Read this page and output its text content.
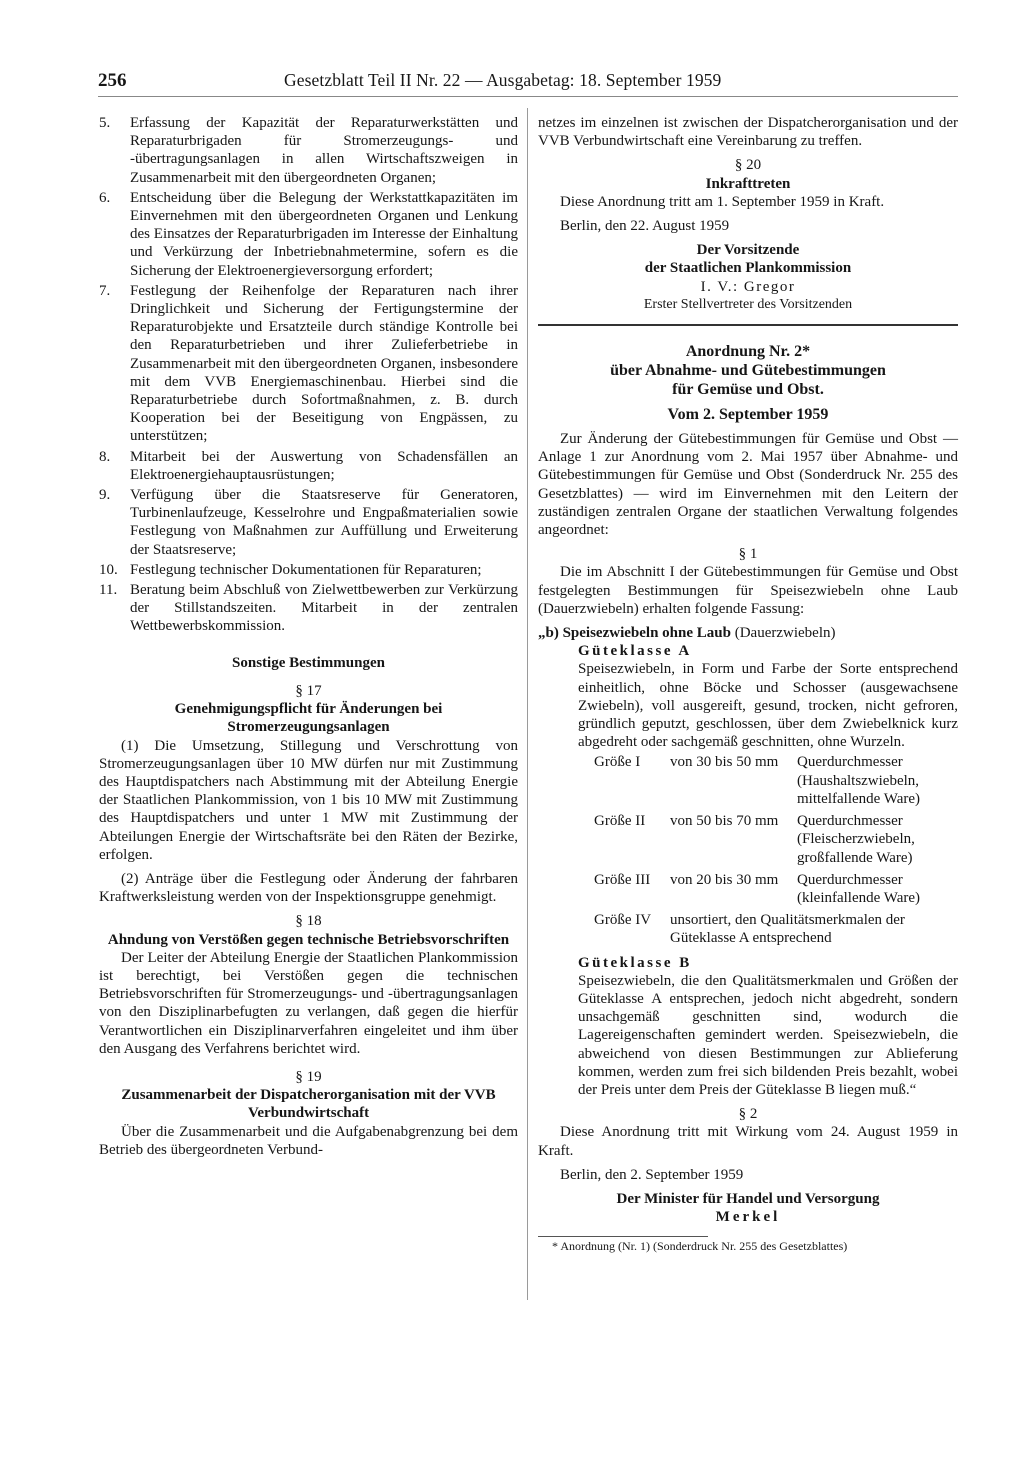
256	Gesetzblatt Teil II Nr. 22 — Ausgabetag: 18. September 1959
5.	Erfassung der Kapazität der Reparaturwerkstätten und Reparaturbrigaden für Stromerzeugungs- und -übertragungsanlagen in allen Wirtschaftszweigen in Zusammenarbeit mit den übergeordneten Organen;
6.	Entscheidung über die Belegung der Werkstattkapazitäten im Einvernehmen mit den übergeordneten Organen und Lenkung des Einsatzes der Reparaturbrigaden im Interesse der Einhaltung und Verkürzung der Inbetriebnahmetermine, sofern es die Sicherung der Elektroenergieversorgung erfordert;
7.	Festlegung der Reihenfolge der Reparaturen nach ihrer Dringlichkeit und Sicherung der Fertigungstermine der Reparaturobjekte und Ersatzteile durch ständige Kontrolle bei den Reparaturbetrieben und ihrer Zulieferbetriebe in Zusammenarbeit mit den übergeordneten Organen, insbesondere mit dem VVB Energiemaschinenbau. Hierbei sind die Reparaturbetriebe durch Sofortmaßnahmen, z. B. durch Kooperation bei der Beseitigung von Engpässen, zu unterstützen;
8.	Mitarbeit bei der Auswertung von Schadensfällen an Elektroenergiehauptausrüstungen;
9.	Verfügung über die Staatsreserve für Generatoren, Turbinenlaufzeuge, Kesselrohre und Engpaßmaterialien sowie Festlegung von Maßnahmen zur Auffüllung und Erweiterung der Staatsreserve;
10. Festlegung technischer Dokumentationen für Reparaturen;
11. Beratung beim Abschluß von Zielwettbewerben zur Verkürzung der Stillstandszeiten. Mitarbeit in der zentralen Wettbewerbskommission.

Sonstige Bestimmungen

§ 17

Genehmigungspflicht für Änderungen bei Stromerzeugungsanlagen

(1) Die Umsetzung, Stillegung und Verschrottung von Stromerzeugungsanlagen über 10 MW dürfen nur mit Zustimmung des Hauptdispatchers nach Abstimmung mit der Abteilung Energie der Staatlichen Plankommission, von 1 bis 10 MW mit Zustimmung des Hauptdispatchers und unter 1 MW mit Zustimmung der Abteilungen Energie der Wirtschaftsräte bei den Räten der Bezirke, erfolgen.

(2) Anträge über die Festlegung oder Änderung der fahrbaren Kraftwerksleistung werden von der Inspektionsgruppe genehmigt.

§ 18

Ahndung von Verstößen gegen technische Betriebsvorschriften

Der Leiter der Abteilung Energie der Staatlichen Plankommission ist berechtigt, bei Verstößen gegen die technischen Betriebsvorschriften für Stromerzeugungs- und -übertragungsanlagen von den Disziplinarbefugten zu verlangen, daß gegen die hierfür Verantwortlichen ein Disziplinarverfahren eingeleitet und ihm über den Ausgang des Verfahrens berichtet wird.

§ 19

Zusammenarbeit der Dispatcherorganisation mit der VVB Verbundwirtschaft

Über die Zusammenarbeit und die Aufgabenabgrenzung bei dem Betrieb des übergeordneten Verbund-

netzes im einzelnen ist zwischen der Dispatcherorganisation und der VVB Verbundwirtschaft eine Vereinbarung zu treffen.

§ 20

Inkrafttreten

Diese Anordnung tritt am 1. September 1959 in Kraft.

Berlin, den 22. August 1959

Der Vorsitzende

der Staatlichen Plankommission

I. V.: Gregor

Erster Stellvertreter des Vorsitzenden

Anordnung Nr. 2*

über Abnahme- und Gütebestimmungen

für Gemüse und Obst.

Vom 2. September 1959

Zur Änderung der Gütebestimmungen für Gemüse und Obst — Anlage 1 zur Anordnung vom 2. Mai 1957 über Abnahme- und Gütebestimmungen für Gemüse und Obst (Sonderdruck Nr. 255 des Gesetzblattes) — wird im Einvernehmen mit den Leitern der zuständigen zentralen Organe der staatlichen Verwaltung folgendes angeordnet:

§ 1

Die im Abschnitt I der Gütebestimmungen für Gemüse und Obst festgelegten Bestimmungen für Speisezwiebeln ohne Laub (Dauerzwiebeln) erhalten folgende Fassung:

„b) Speisezwiebeln ohne Laub (Dauerzwiebeln)

Güteklasse A

Speisezwiebeln, in Form und Farbe der Sorte entsprechend einheitlich, ohne Böcke und Schosser (ausgewachsene Zwiebeln), voll ausgereift, gesund, trocken, nicht gefroren, gründlich geputzt, geschlossen, über dem Zwiebelknick kurz abgedreht oder sachgemäß geschnitten, ohne Wurzeln.

Größe I	von 30 bis 50 mm	Querdurchmesser (Haushaltszwiebeln, mittelfallende Ware)
Größe II	von 50 bis 70 mm	Querdurchmesser (Fleischerzwiebeln, großfallende Ware)
Größe III	von 20 bis 30 mm	Querdurchmesser (kleinfallende Ware)
Größe IV	unsortiert, den Qualitätsmerkmalen der Güteklasse A entsprechend

Güteklasse B

Speisezwiebeln, die den Qualitätsmerkmalen und Größen der Güteklasse A entsprechen, jedoch nicht abgedreht, sondern unsachgemäß geschnitten sind, wodurch die Lagereigenschaften gemindert werden. Speisezwiebeln, die abweichend von diesen Bestimmungen zur Ablieferung kommen, werden zum frei sich bildenden Preis bezahlt, wobei der Preis unter dem Preis der Güteklasse B liegen muß.“

§ 2

Diese Anordnung tritt mit Wirkung vom 24. August 1959 in Kraft.

Berlin, den 2. September 1959

Der Minister für Handel und Versorgung

Merkel

* Anordnung (Nr. 1) (Sonderdruck Nr. 255 des Gesetzblattes)
